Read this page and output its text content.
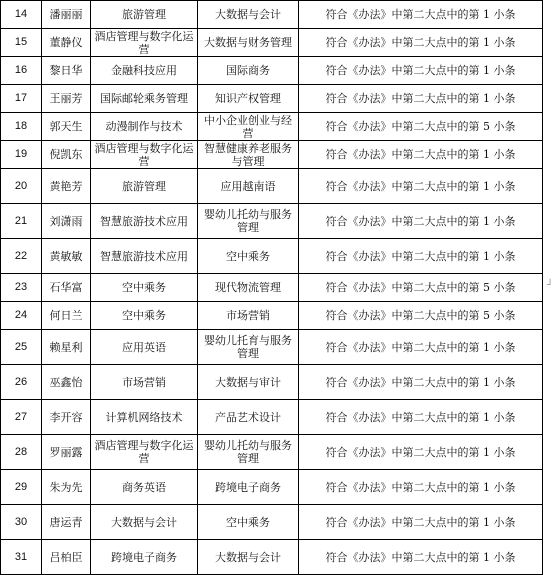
14	潘丽丽	旅游管理	大数据与会计	符合《办法》中第二大点中的第 1 小条
15	董静仪	酒店管理与数字化运营	大数据与财务管理	符合《办法》中第二大点中的第 1 小条
16	黎日华	金融科技应用	国际商务	符合《办法》中第二大点中的第 1 小条
17	王丽芳	国际邮轮乘务管理	知识产权管理	符合《办法》中第二大点中的第 1 小条
18	郭天生	动漫制作与技术	中小企业创业与经营	符合《办法》中第二大点中的第 5 小条
19	倪凯东	酒店管理与数字化运营	智慧健康养老服务与管理	符合《办法》中第二大点中的第 1 小条
20	黄艳芳	旅游管理	应用越南语	符合《办法》中第二大点中的第 1 小条
21	刘潇雨	智慧旅游技术应用	婴幼儿托幼与服务管理	符合《办法》中第二大点中的第 1 小条
22	黄敏敏	智慧旅游技术应用	空中乘务	符合《办法》中第二大点中的第 1 小条
23	石华富	空中乘务	现代物流管理	符合《办法》中第二大点中的第 5 小条
24	何日兰	空中乘务	市场营销	符合《办法》中第二大点中的第 5 小条
25	赖星利	应用英语	婴幼儿托育与服务管理	符合《办法》中第二大点中的第 1 小条
26	巫鑫怡	市场营销	大数据与审计	符合《办法》中第二大点中的第 1 小条
27	李开容	计算机网络技术	产品艺术设计	符合《办法》中第二大点中的第 1 小条
28	罗丽露	酒店管理与数字化运营	婴幼儿托幼与服务管理	符合《办法》中第二大点中的第 1 小条
29	朱为先	商务英语	跨境电子商务	符合《办法》中第二大点中的第 1 小条
30	唐运青	大数据与会计	空中乘务	符合《办法》中第二大点中的第 1 小条
31	吕柏臣	跨境电子商务	大数据与会计	符合《办法》中第二大点中的第 1 小条
┘
